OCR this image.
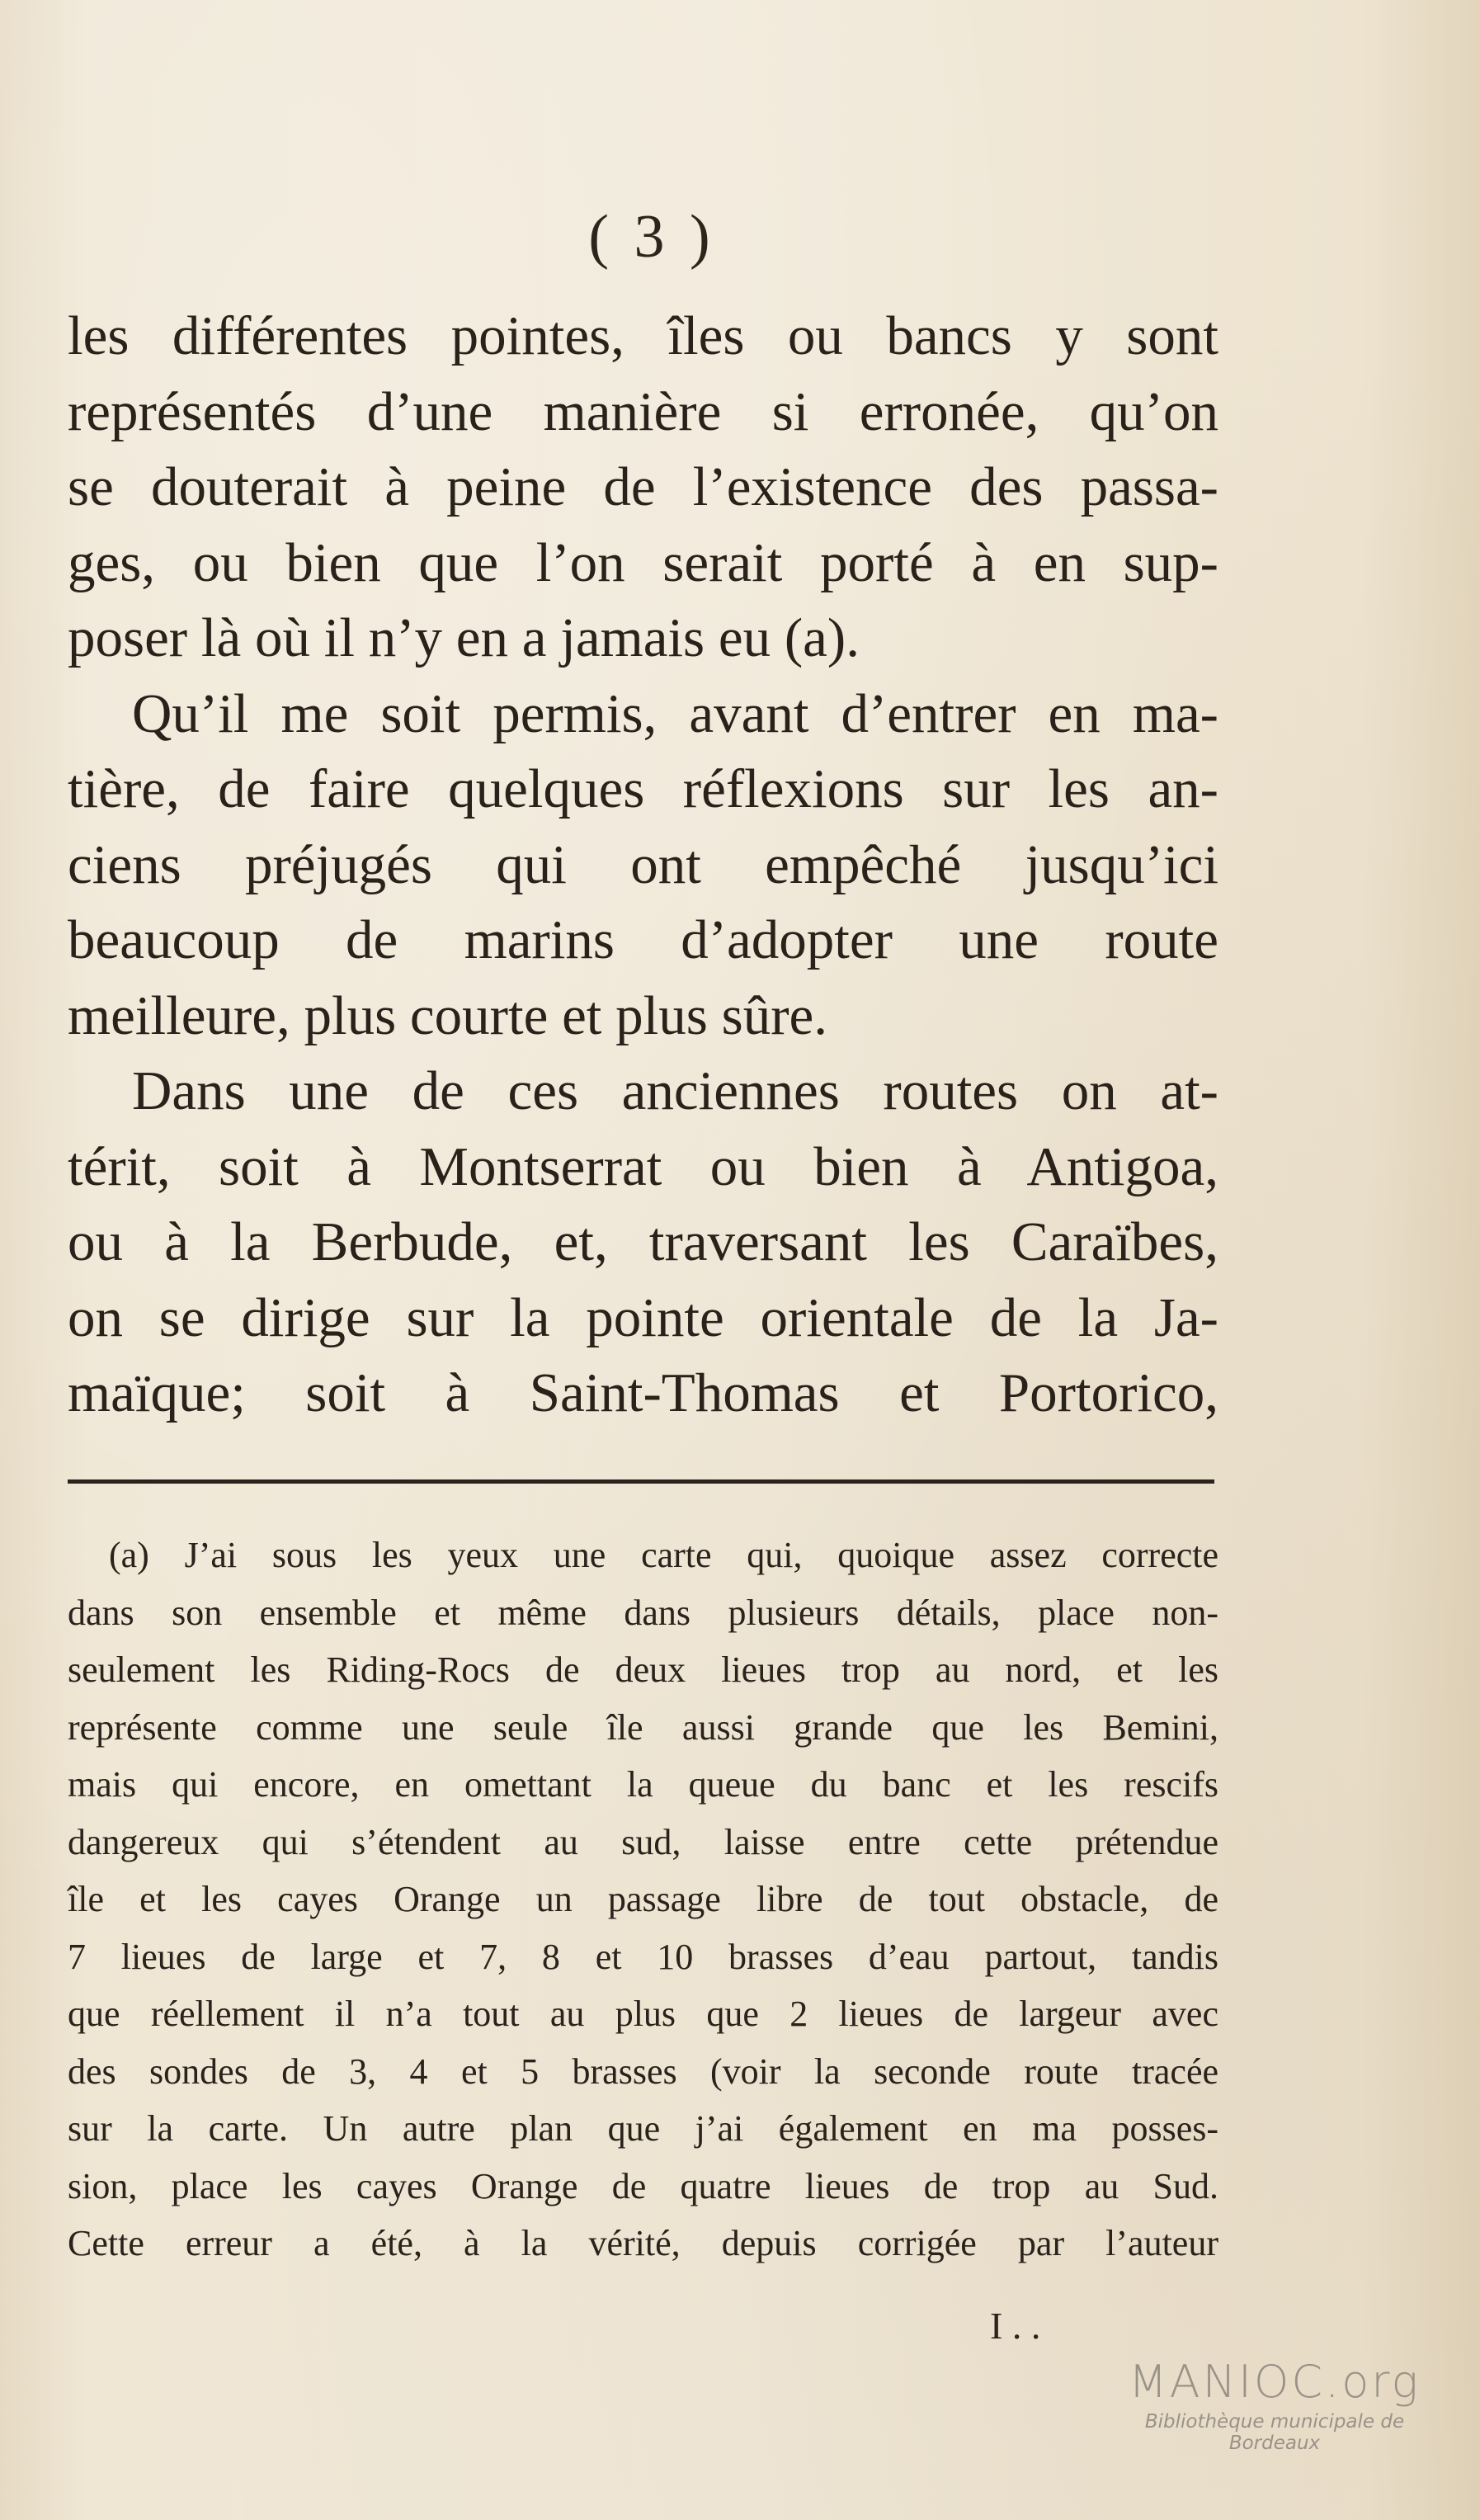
( 3 )
les différentes pointes, îles ou bancs y sont
représentés d’une manière si erronée, qu’on
se douterait à peine de l’existence des passa-
ges, ou bien que l’on serait porté à en sup-
poser là où il n’y en a jamais eu (a).
Qu’il me soit permis, avant d’entrer en ma-
tière, de faire quelques réflexions sur les an-
ciens préjugés qui ont empêché jusqu’ici
beaucoup de marins d’adopter une route
meilleure, plus courte et plus sûre.
Dans une de ces anciennes routes on at-
térit, soit à Montserrat ou bien à Antigoa,
ou à la Berbude, et, traversant les Caraïbes,
on se dirige sur la pointe orientale de la Ja-
maïque; soit à Saint-Thomas et Portorico,
(a) J’ai sous les yeux une carte qui, quoique assez correcte
dans son ensemble et même dans plusieurs détails, place non-
seulement les Riding-Rocs de deux lieues trop au nord, et les
représente comme une seule île aussi grande que les Bemini,
mais qui encore, en omettant la queue du banc et les rescifs
dangereux qui s’étendent au sud, laisse entre cette prétendue
île et les cayes Orange un passage libre de tout obstacle, de
7 lieues de large et 7, 8 et 10 brasses d’eau partout, tandis
que réellement il n’a tout au plus que 2 lieues de largeur avec
des sondes de 3, 4 et 5 brasses (voir la seconde route tracée
sur la carte. Un autre plan que j’ai également en ma posses-
sion, place les cayes Orange de quatre lieues de trop au Sud.
Cette erreur a été, à la vérité, depuis corrigée par l’auteur
I . .
MANIOC.org
Bibliothèque municipale de Bordeaux
